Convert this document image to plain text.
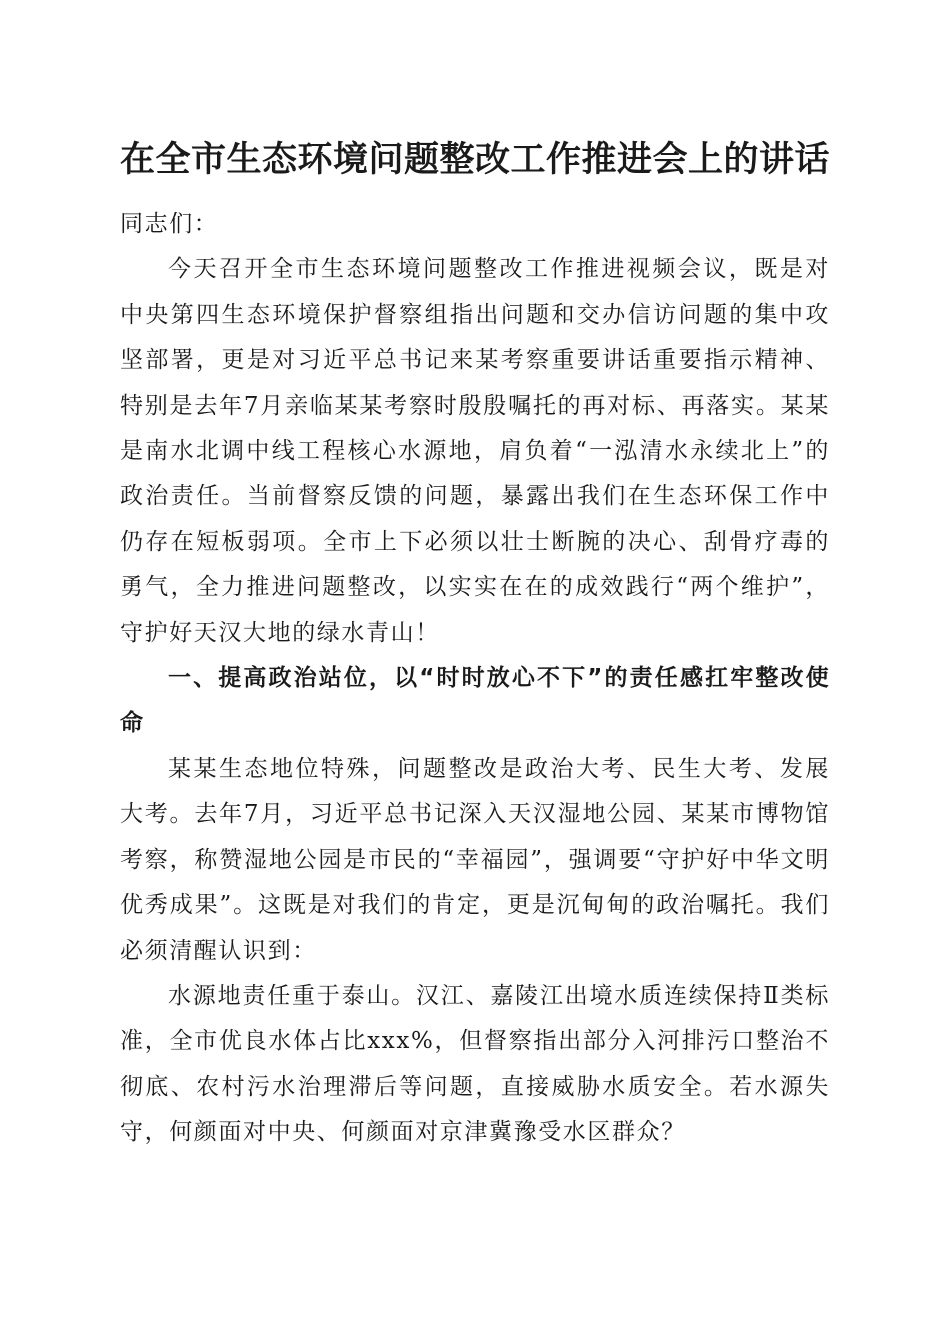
在全市生态环境问题整改工作推进会上的讲话

同志们：

今天召开全市生态环境问题整改工作推进视频会议，既是对中央第四生态环境保护督察组指出问题和交办信访问题的集中攻坚部署，更是对习近平总书记来某考察重要讲话重要指示精神、特别是去年7月亲临某某考察时殷殷嘱托的再对标、再落实。某某是南水北调中线工程核心水源地，肩负着“一泓清水永续北上”的政治责任。当前督察反馈的问题，暴露出我们在生态环保工作中仍存在短板弱项。全市上下必须以壮士断腕的决心、刮骨疗毒的勇气，全力推进问题整改，以实实在在的成效践行“两个维护”，守护好天汉大地的绿水青山！

一、提高政治站位，以“时时放心不下”的责任感扛牢整改使命

某某生态地位特殊，问题整改是政治大考、民生大考、发展大考。去年7月，习近平总书记深入天汉湿地公园、某某市博物馆考察，称赞湿地公园是市民的“幸福园”，强调要“守护好中华文明优秀成果”。这既是对我们的肯定，更是沉甸甸的政治嘱托。我们必须清醒认识到：

水源地责任重于泰山。汉江、嘉陵江出境水质连续保持Ⅱ类标准，全市优良水体占比xxx%，但督察指出部分入河排污口整治不彻底、农村污水治理滞后等问题，直接威胁水质安全。若水源失守，何颜面对中央、何颜面对京津冀豫受水区群众？
